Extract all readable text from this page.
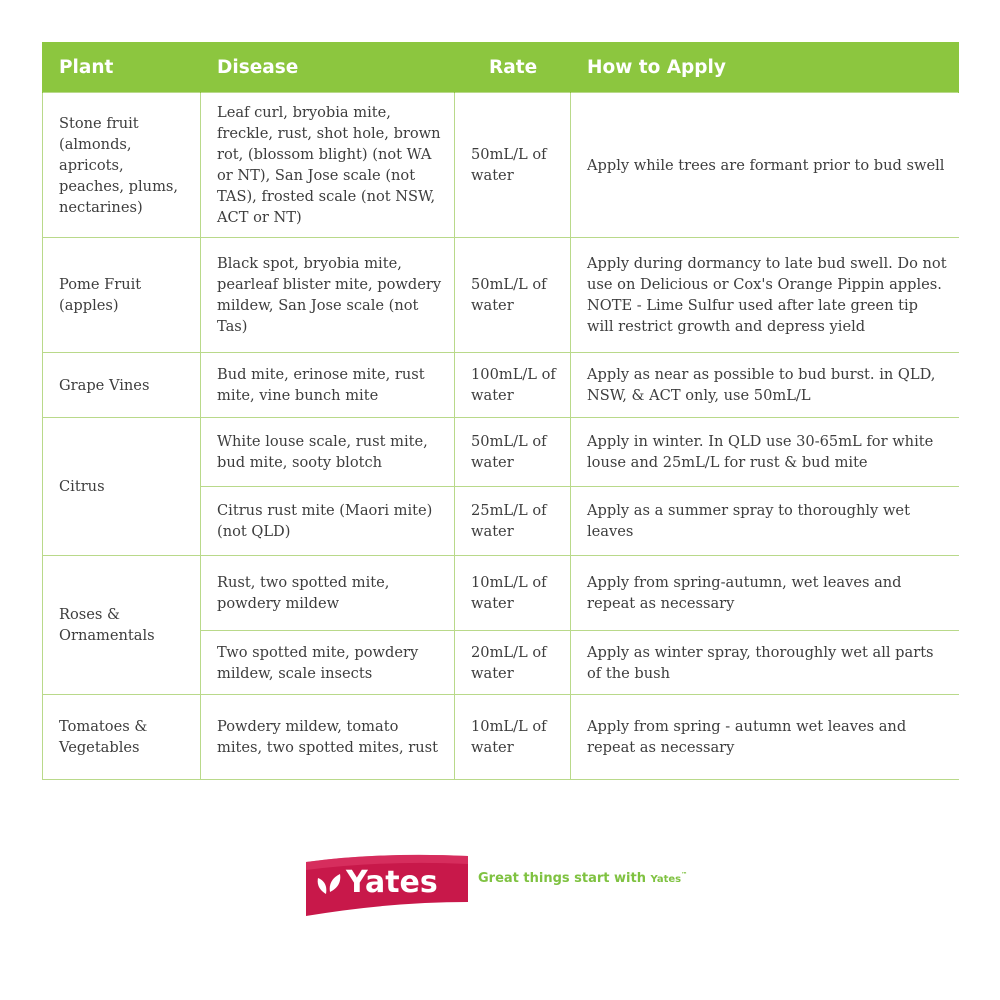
Plant	Disease	Rate	How to Apply
Stone fruit (almonds, apricots, peaches, plums, nectarines)	Leaf curl, bryobia mite, freckle, rust, shot hole, brown rot, (blossom blight) (not WA or NT), San Jose scale (not TAS), frosted scale (not NSW, ACT or NT)	50mL/L of water	Apply while trees are formant prior to bud swell
Pome Fruit (apples)	Black spot, bryobia mite, pearleaf blister mite, powdery mildew, San Jose scale (not Tas)	50mL/L of water	Apply during dormancy to late bud swell. Do not use on Delicious or Cox's Orange Pippin apples. NOTE - Lime Sulfur used after late green tip will restrict growth and depress yield
Grape Vines	Bud mite, erinose mite, rust mite, vine bunch mite	100mL/L of water	Apply as near as possible to bud burst. in QLD, NSW, & ACT only, use 50mL/L
Citrus	White louse scale, rust mite, bud mite, sooty blotch	50mL/L of water	Apply in winter. In QLD use 30-65mL for white louse and 25mL/L for rust & bud mite
	Citrus rust mite (Maori mite) (not QLD)	25mL/L of water	Apply as a summer spray to thoroughly wet leaves
Roses & Ornamentals	Rust, two spotted mite, powdery mildew	10mL/L of water	Apply from spring-autumn, wet leaves and repeat as necessary
	Two spotted mite, powdery mildew, scale insects	20mL/L of water	Apply as winter spray, thoroughly wet all parts of the bush
Tomatoes & Vegetables	Powdery mildew, tomato mites, two spotted mites, rust	10mL/L of water	Apply from spring - autumn wet leaves and repeat as necessary
Yates	Great things start with Yates™
